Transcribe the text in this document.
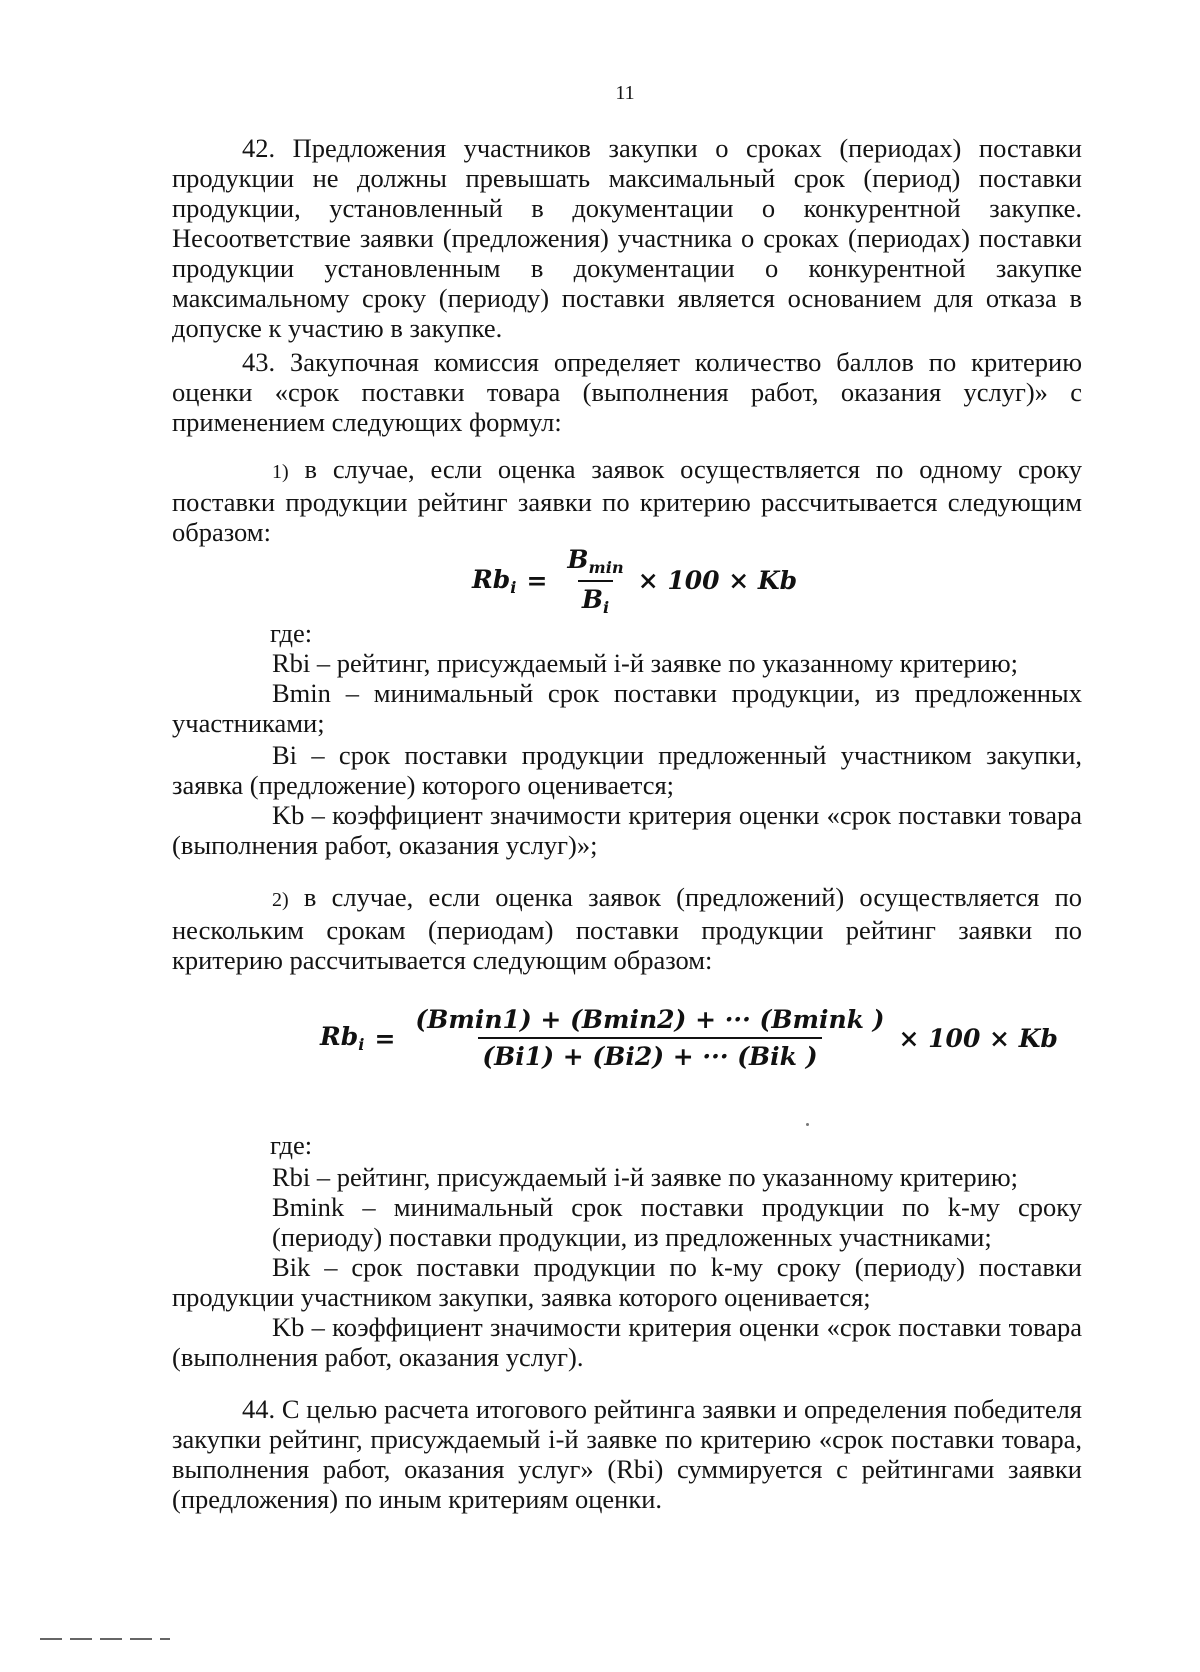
11
42. Предложения участников закупки о сроках (периодах) поставки продукции не должны превышать максимальный срок (период) поставки продукции, установленный в документации о конкурентной закупке. Несоответствие заявки (предложения) участника о сроках (периодах) поставки продукции установленным в документации о конкурентной закупке максимальному сроку (периоду) поставки является основанием для отказа в допуске к участию в закупке.
43. Закупочная комиссия определяет количество баллов по критерию оценки «срок поставки товара (выполнения работ, оказания услуг)» с применением следующих формул:
1) в случае, если оценка заявок осуществляется по одному сроку поставки продукции рейтинг заявки по критерию рассчитывается следующим образом:
$Rb_i = \frac{B_{min}}{B_i} \times 100 \times Kb$
где:
Rbi – рейтинг, присуждаемый i-й заявке по указанному критерию;
Bmin – минимальный срок поставки продукции, из предложенных участниками;
Bi – срок поставки продукции предложенный участником закупки, заявка (предложение) которого оценивается;
Kb – коэффициент значимости критерия оценки «срок поставки товара (выполнения работ, оказания услуг)»;
2) в случае, если оценка заявок (предложений) осуществляется по нескольким срокам (периодам) поставки продукции рейтинг заявки по критерию рассчитывается следующим образом:
$Rb_i = \frac{(Bmin1) + (Bmin2) + \cdot\cdot\cdot (Bmink )}{\text{(Bi1) + (Bi2) + ··· (Bik )}} \times 100 \times Kb$
где:
Rbi – рейтинг, присуждаемый i-й заявке по указанному критерию;
Bmink – минимальный срок поставки продукции по k-му сроку (периоду) поставки продукции, из предложенных участниками;
Bik – срок поставки продукции по k-му сроку (периоду) поставки продукции участником закупки, заявка которого оценивается;
Kb – коэффициент значимости критерия оценки «срок поставки товара (выполнения работ, оказания услуг).
44. С целью расчета итогового рейтинга заявки и определения победителя закупки рейтинг, присуждаемый i-й заявке по критерию «срок поставки товара, выполнения работ, оказания услуг» (Rbi) суммируется с рейтингами заявки (предложения) по иным критериям оценки.
